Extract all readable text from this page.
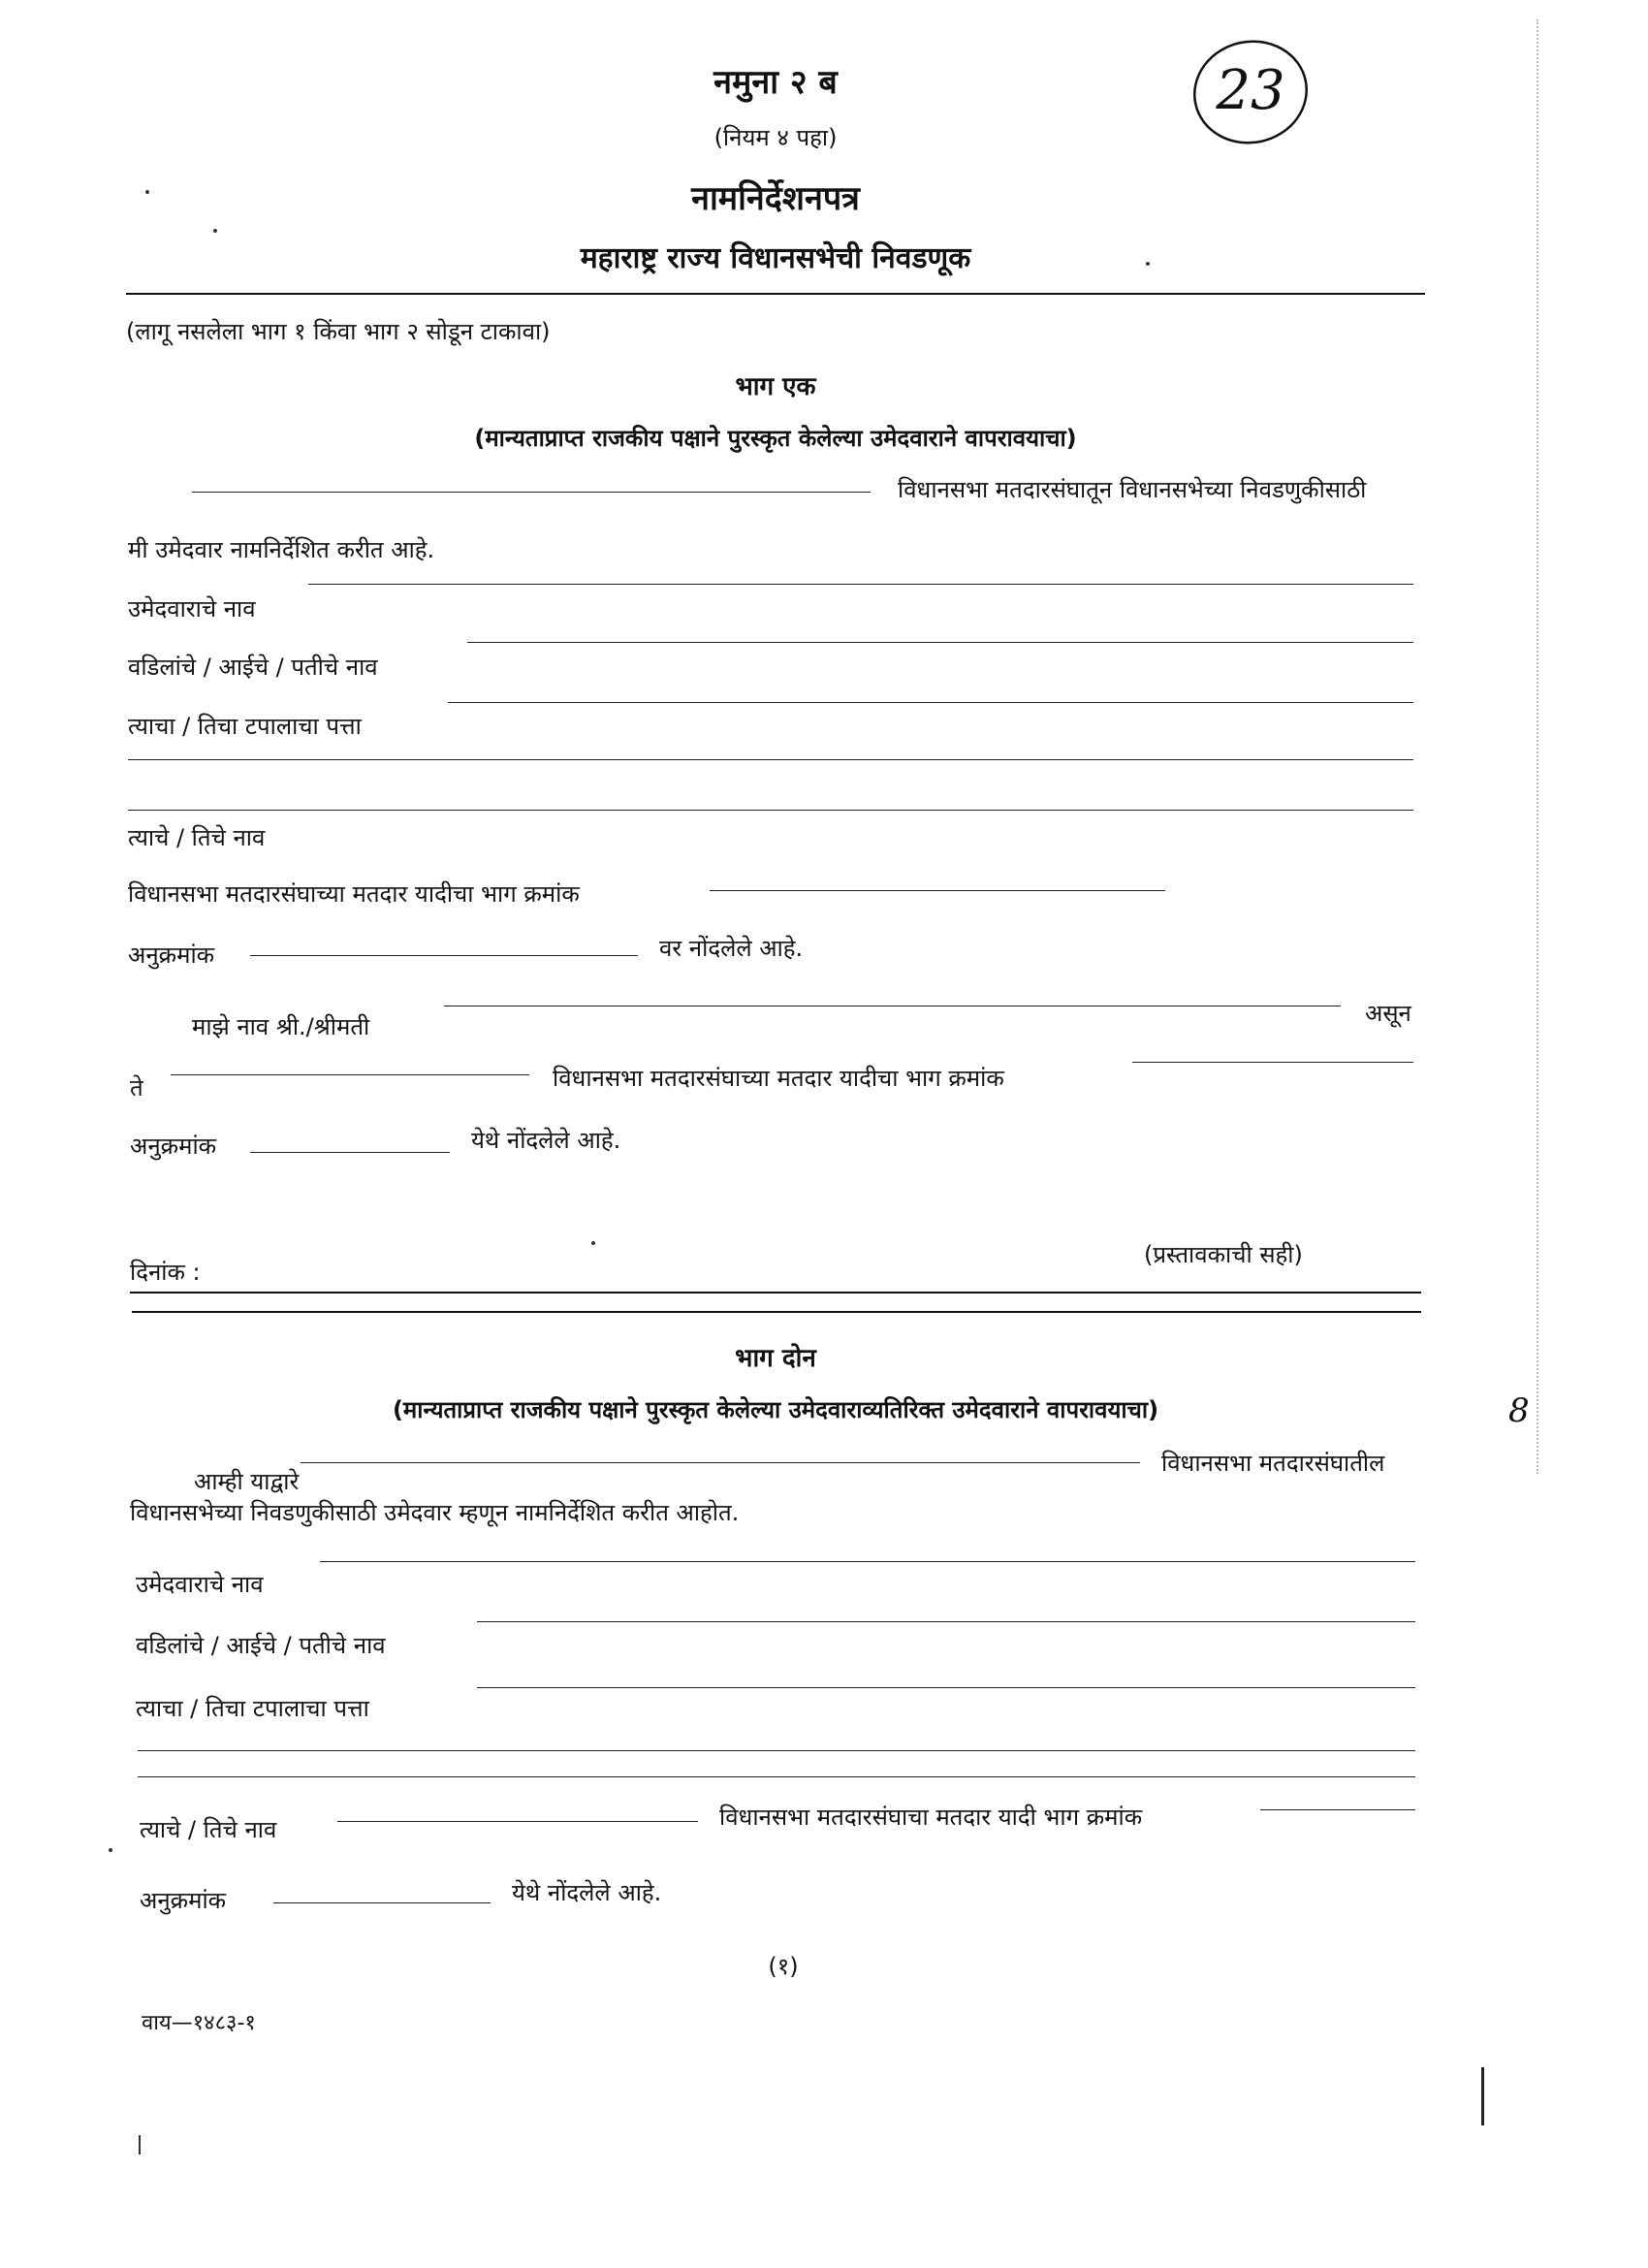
23
नमुना २ ब
(नियम ४ पहा)
नामनिर्देशनपत्र
महाराष्ट्र राज्य विधानसभेची निवडणूक
(लागू नसलेला भाग १ किंवा भाग २ सोडून टाकावा)
भाग एक
(मान्यताप्राप्त राजकीय पक्षाने पुरस्कृत केलेल्या उमेदवाराने वापरावयाचा)
विधानसभा मतदारसंघातून विधानसभेच्या निवडणुकीसाठी
मी उमेदवार नामनिर्देशित करीत आहे.
उमेदवाराचे नाव
वडिलांचे / आईचे / पतीचे नाव
त्याचा / तिचा टपालाचा पत्ता
त्याचे / तिचे नाव
विधानसभा मतदारसंघाच्या मतदार यादीचा भाग क्रमांक
अनुक्रमांक	वर नोंदलेले आहे.
माझे नाव श्री./श्रीमती	असून
ते	विधानसभा मतदारसंघाच्या मतदार यादीचा भाग क्रमांक
अनुक्रमांक	येथे नोंदलेले आहे.
(प्रस्तावकाची सही)
दिनांक :
भाग दोन
(मान्यताप्राप्त राजकीय पक्षाने पुरस्कृत केलेल्या उमेदवाराव्यतिरिक्त उमेदवाराने वापरावयाचा)	8
आम्ही याद्वारे
विधानसभा मतदारसंघातील
विधानसभेच्या निवडणुकीसाठी उमेदवार म्हणून नामनिर्देशित करीत आहोत.
उमेदवाराचे नाव
वडिलांचे / आईचे / पतीचे नाव
त्याचा / तिचा टपालाचा पत्ता
त्याचे / तिचे नाव	विधानसभा मतदारसंघाचा मतदार यादी भाग क्रमांक
अनुक्रमांक	येथे नोंदलेले आहे.
(१)
वाय—१४८३-१
